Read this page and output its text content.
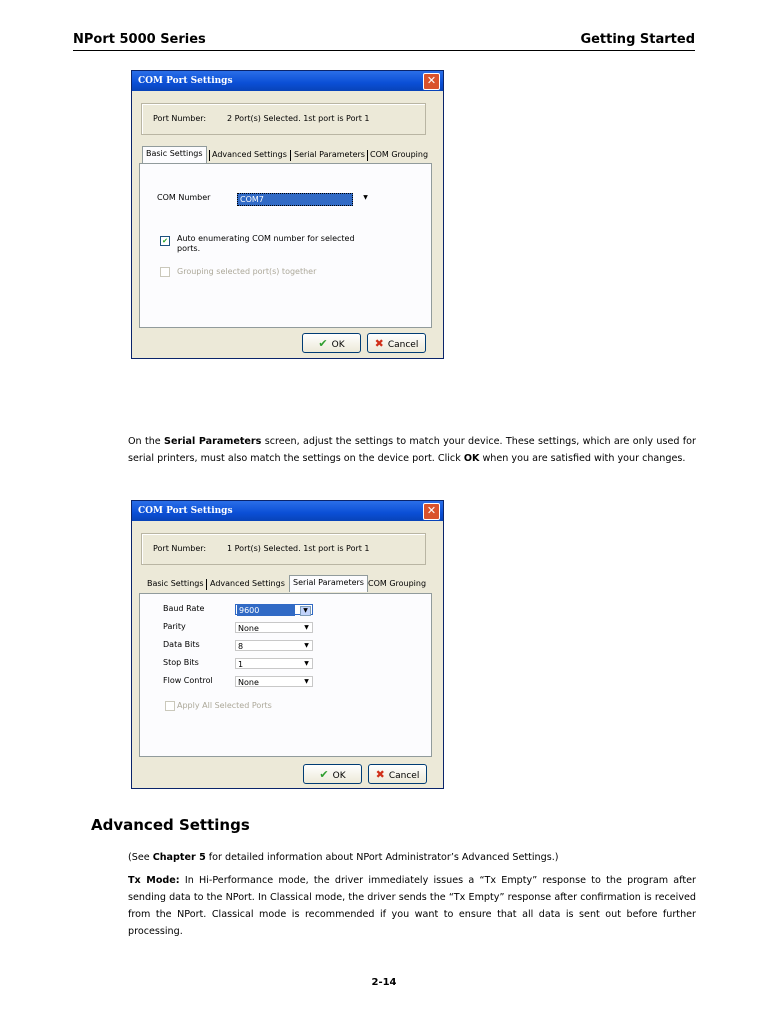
NPort 5000 Series	Getting Started
COM Port Settings	✕
Port Number:	2 Port(s) Selected. 1st port is Port 1
Basic Settings	Advanced Settings Serial Parameters COM Grouping
COM Number	COM7	▼
✔ Auto enumerating COM number for selected
ports.
Grouping selected port(s) together
✔ OK	✖ Cancel
On the Serial Parameters screen, adjust the settings to match your device. These settings, which are only used for serial printers, must also match the settings on the device port. Click OK when you are satisfied with your changes.
COM Port Settings	✕
Port Number:	1 Port(s) Selected. 1st port is Port 1
Basic Settings Advanced Settings	Serial Parameters COM Grouping
Baud Rate	9600	▼
Parity	None	▼
Data Bits	8	▼
Stop Bits	1	▼
Flow Control	None	▼
Apply All Selected Ports
✔ OK	✖ Cancel
Advanced Settings
(See Chapter 5 for detailed information about NPort Administrator’s Advanced Settings.)
Tx Mode: In Hi-Performance mode, the driver immediately issues a “Tx Empty” response to the program after sending data to the NPort. In Classical mode, the driver sends the “Tx Empty” response after confirmation is received from the NPort. Classical mode is recommended if you want to ensure that all data is sent out before further processing.
2-14
